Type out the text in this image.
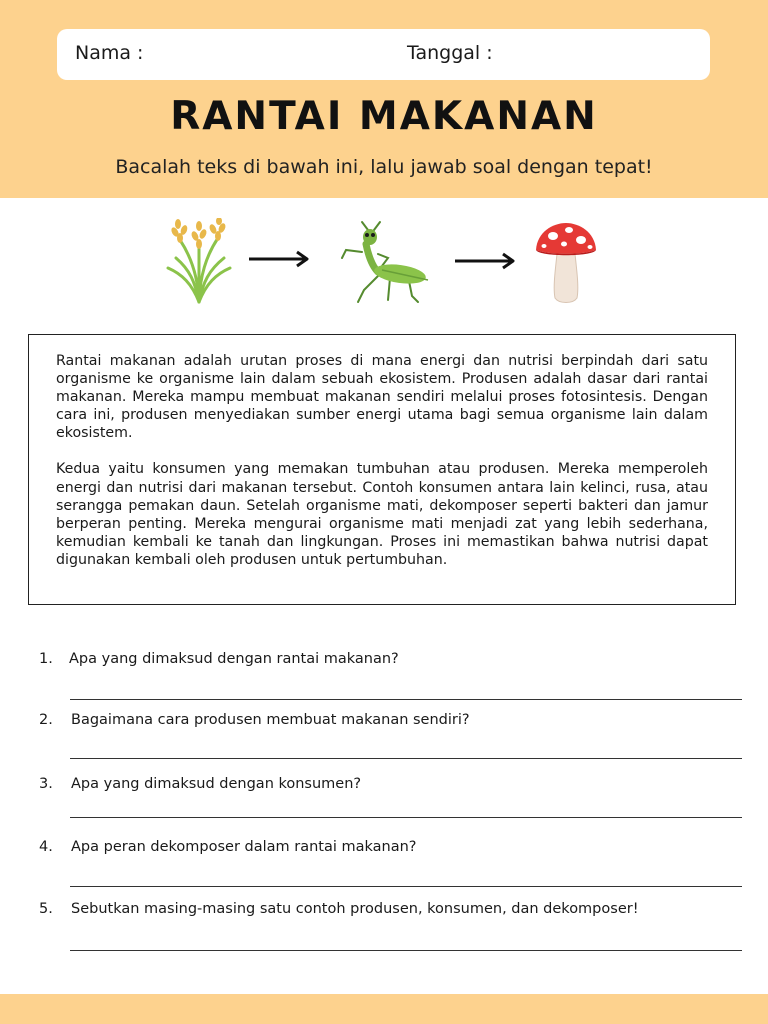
Nama :	Tanggal :
RANTAI MAKANAN
Bacalah teks di bawah ini, lalu jawab soal dengan tepat!

Rantai makanan adalah urutan proses di mana energi dan nutrisi berpindah dari satu organisme ke organisme lain dalam sebuah ekosistem. Produsen adalah dasar dari rantai makanan. Mereka mampu membuat makanan sendiri melalui proses fotosintesis. Dengan cara ini, produsen menyediakan sumber energi utama bagi semua organisme lain dalam ekosistem.

Kedua yaitu konsumen yang memakan tumbuhan atau produsen. Mereka memperoleh energi dan nutrisi dari makanan tersebut. Contoh konsumen antara lain kelinci, rusa, atau serangga pemakan daun. Setelah organisme mati, dekomposer seperti bakteri dan jamur berperan penting. Mereka mengurai organisme mati menjadi zat yang lebih sederhana, kemudian kembali ke tanah dan lingkungan. Proses ini memastikan bahwa nutrisi dapat digunakan kembali oleh produsen untuk pertumbuhan.

1. Apa yang dimaksud dengan rantai makanan?
2. Bagaimana cara produsen membuat makanan sendiri?
3. Apa yang dimaksud dengan konsumen?
4. Apa peran dekomposer dalam rantai makanan?
5. Sebutkan masing-masing satu contoh produsen, konsumen, dan dekomposer!
